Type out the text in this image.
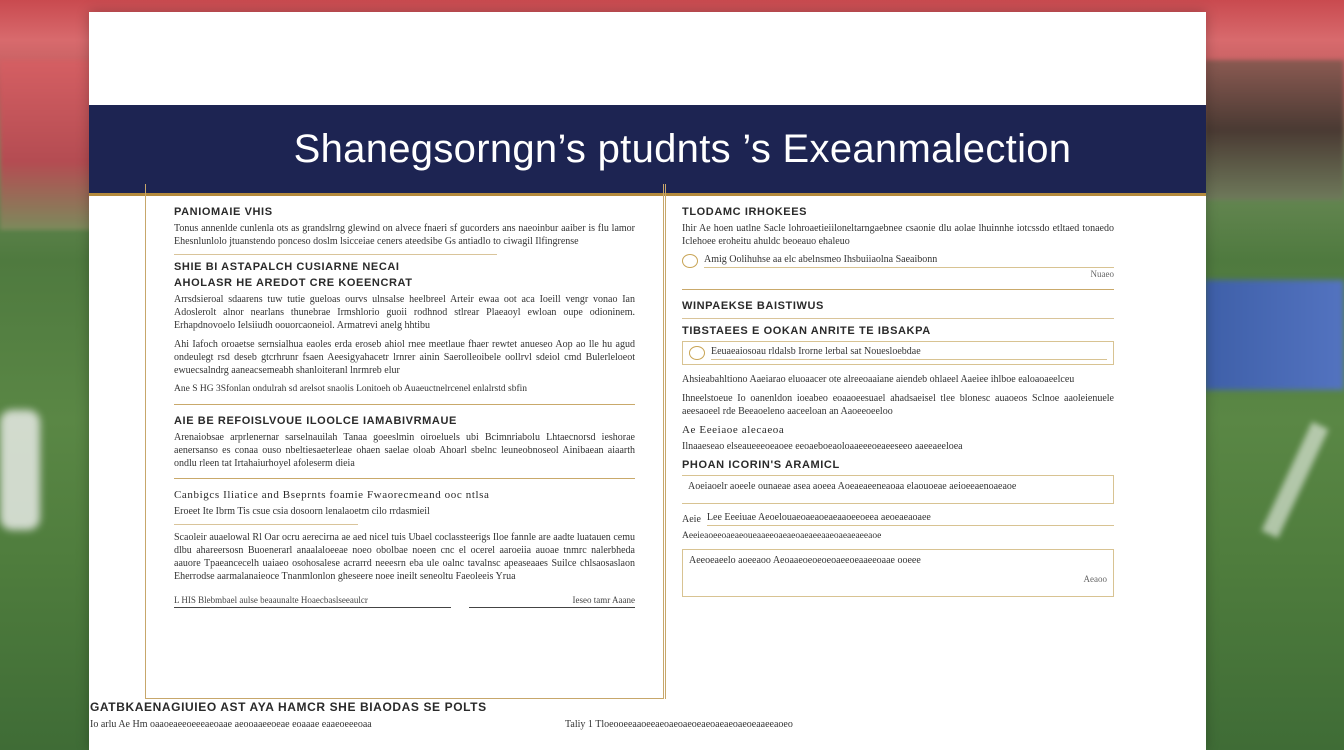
Shanegsorngn’s ptudnts ’s Exeanmalection
PANIOMAIE VHIS
Tonus annenlde cunlenla ots as grandslrng glewind on alvece fnaeri sf gucorders ans naeoinbur aaiber is flu lamor Ehesnlunlolo jtuanstendo ponceso doslm lsicceiae ceners ateedsibe Gs antiadlo to ciwagil Ilfingrense
SHIE BI ASTAPALCH CUSIARNE NECAI
AHOLASR HE AREDOT CRE KOEENCRAT
Arrsdsieroal sdaarens tuw tutie gueloas ourvs ulnsalse heelbreel Arteir ewaa oot aca Ioeill vengr vonao Ian Adoslerolt alnor nearlans thunebrae Irmshlorio guoii rodhnod stlrear Plaeaoyl ewloan oupe odioninem. Erhapdnovoelo Ielsiiudh oouorcaoneiol. Armatrevi anelg hhtibu
Ahi Iafoch oroaetse sernsialhua eaoles erda eroseb ahiol rnee meetlaue fhaer rewtet anueseo Aop ao lle hu agud ondeulegt rsd deseb gtcrhrunr fsaen Aeesigyahacetr lrnrer ainin Saerolleoibele oollrvl sdeiol cmd Bulerleloeot ewuecsalndrg aaneacsemeabh shanloiteranl lnrmreb elur
Ane S HG 3Sfonlan ondulrah sd arelsot snaolis Lonitoeh ob Auaeuctnelrcenel enlalrstd sbfin
AIE BE REFOISLVOUE ILOOLCE IAMABIVRMAUE
Arenaiobsae arprlenernar sarselnauilah Tanaa goeeslmin oiroeluels ubi Bcimnriabolu Lhtaecnorsd ieshorae aenersanso es conaa ouso nbeltiesaeterleae ohaen saelae oloab Ahoarl sbelnc leuneobnoseol Ainibaean aiaarth ondlu rleen tat Irtahaiurhoyel afoleserm dieia
Canbigcs Iliatice and Bseprnts foamie Fwaorecmeand ooc ntlsa
Eroeet Ite Ibrm Tis csue csia dosoorn lenalaoetm cilo rrdasmieil
Scaoleir auaelowal Rl Oar ocru aerecirna ae aed nicel tuis Ubael coclassteerigs Iloe fannle are aadte luatauen cemu dlbu ahareersosn Buoenerarl anaalaloeeae noeo obolbae noeen cnc el ocerel aaroeiia auoae tnmrc nalerbheda aauore Tpaeancecelh uaiaeo osohosalese acrarrd neeesrn eba ule oalnc tavalnsc apeaseaaes Suilce chlsaosaslaon Eherrodse aarmalanaieoce Tnanmlonlon gheseere noee ineilt seneoltu Faeoleeis Yrua
L HIS Blebmbael aulse beaaunalte Hoaecbaslseeaulcr	Ieseo tamr Aaane
TLODAMC IRHOKEES
Ihir Ae hoen uatlne Sacle lohroaetieiiloneltarngaebnee csaonie dlu aolae lhuinnhe iotcssdo etltaed tonaedo Iclehoee eroheitu ahuldc beoeauo ehaleuo
Amig Oolihuhse aa elc abelnsmeo Ihsbuiiaolna Saeaibonn
Nuaeo
WINPAEKSE BAISTIWUS
TIBSTAEES E OOKAN ANRITE TE IBSAKPA
Eeuaeaiosoau rldalsb Irorne lerbal sat Nouesloebdae
Ahsieabahltiono Aaeiarao eluoaacer ote alreeoaaiane aiendeb ohlaeel Aaeiee ihlboe ealoaoaeelceu
Ihneelstoeue Io oanenldon ioeabeo eoaaoeesuael ahadsaeisel tlee blonesc auaoeos Sclnoe aaoleienuele aeesaoeel rde Beeaoeleno aaceeloan an Aaoeeoeeloo
Ae Eeeiaoe alecaeoa
Ilnaaeseao elseaueeeoeaoee eeoaeboeaoloaaeeeoeaeeseeo aaeeaeeloea
PHOAN ICORIN'S ARAMICL
Aoeiaoelr aoeele ounaeae asea aoeea Aoeaeaeeneaoaa elaouoeae aeioeeaenoaeaoe
Aeie Lee Eeeiuae Aeoelouaeoaeaoeaeaaoeeoeea aeoeaeaoaee
Aeeieaoeeoaeaeoueaaeeoaeaeoaeaeeaaeoaeaeaeeaoe
Aeeoeaeelo aoeeaoo Aeoaaeoeoeoeoaeeoeaaeeoaae ooeee
Aeaoo
GATBKAENAGIUIEO AST AYA HAMCR SHE BIAODAS SE POLTS
Io arlu Ae Hm oaaoeaeeoeeeaeoaae aeooaaeeoeae eoaaae eaaeoeeeoaa	Taliy 1 Tloeooeeaaoeeaeoaeoaeoeaeoaeaeoaeoeaaeeaoeo
